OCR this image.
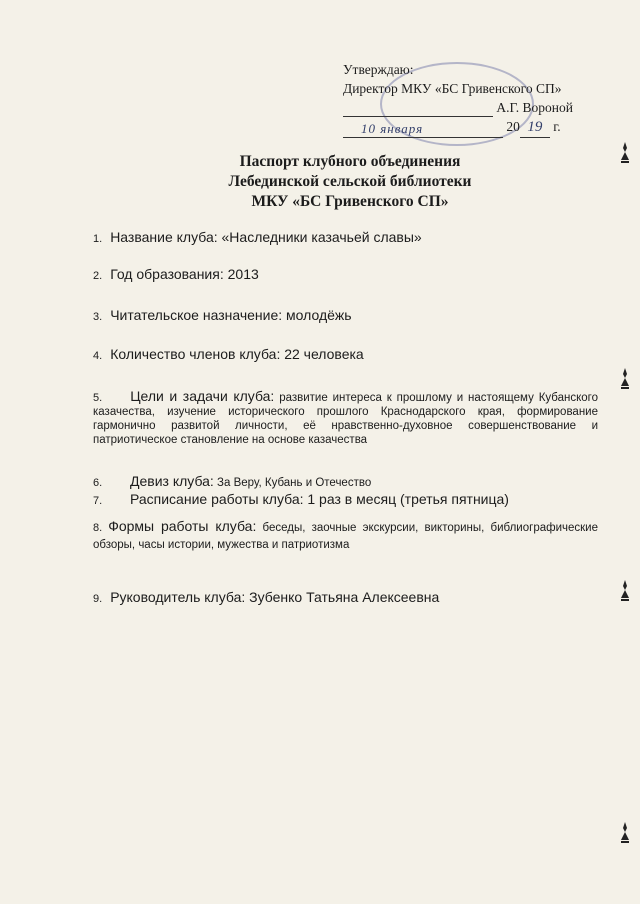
Утверждаю:
Директор МКУ «БС Гривенского СП»
А.Г. Вороной
10 января	20 19 г.
Паспорт клубного объединения
Лебединской сельской библиотеки
МКУ «БС Гривенского СП»
1. Название клуба: «Наследники казачьей славы»
2. Год образования: 2013
3. Читательское назначение: молодёжь
4. Количество членов клуба: 22 человека
5. Цели и задачи клуба: развитие интереса к прошлому и настоящему Кубанского казачества, изучение исторического прошлого Краснодарского края, формирование гармонично развитой личности, её нравственно-духовное совершенствование и патриотическое становление на основе казачества
6. Девиз клуба: За Веру, Кубань и Отечество
7. Расписание работы клуба: 1 раз в месяц (третья пятница)
8. Формы работы клуба: беседы, заочные экскурсии, викторины, библиографические обзоры, часы истории, мужества и патриотизма
9. Руководитель клуба: Зубенко Татьяна Алексеевна
